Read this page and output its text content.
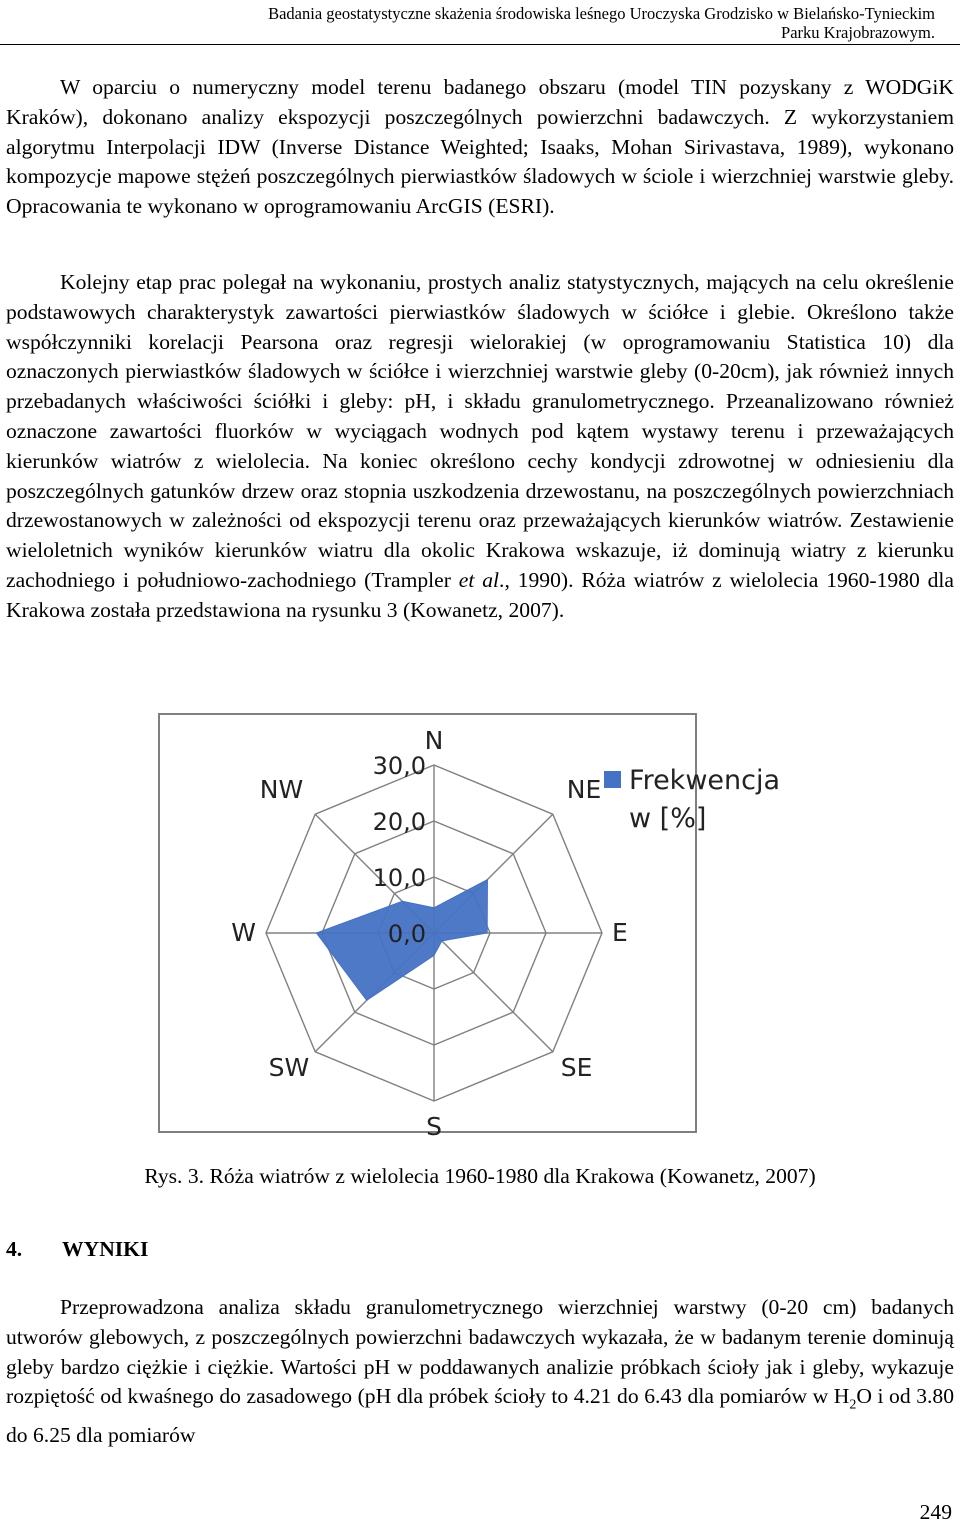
Badania geostatystyczne skażenia środowiska leśnego Uroczyska Grodzisko w Bielańsko-Tynieckim
Parku Krajobrazowym.

W oparciu o numeryczny model terenu badanego obszaru (model TIN pozyskany z WODGiK Kraków), dokonano analizy ekspozycji poszczególnych powierzchni badawczych. Z wykorzystaniem algorytmu Interpolacji IDW (Inverse Distance Weighted; Isaaks, Mohan Sirivastava, 1989), wykonano kompozycje mapowe stężeń poszczególnych pierwiastków śladowych w ściole i wierzchniej warstwie gleby. Opracowania te wykonano w oprogramowaniu ArcGIS (ESRI).

Kolejny etap prac polegał na wykonaniu, prostych analiz statystycznych, mających na celu określenie podstawowych charakterystyk zawartości pierwiastków śladowych w ściółce i glebie. Określono także współczynniki korelacji Pearsona oraz regresji wielorakiej (w oprogramowaniu Statistica 10) dla oznaczonych pierwiastków śladowych w ściółce i wierzchniej warstwie gleby (0-20cm), jak również innych przebadanych właściwości ściółki i gleby: pH, i składu granulometrycznego. Przeanalizowano również oznaczone zawartości fluorków w wyciągach wodnych pod kątem wystawy terenu i przeważających kierunków wiatrów z wielolecia. Na koniec określono cechy kondycji zdrowotnej w odniesieniu dla poszczególnych gatunków drzew oraz stopnia uszkodzenia drzewostanu, na poszczególnych powierzchniach drzewostanowych w zależności od ekspozycji terenu oraz przeważających kierunków wiatrów. Zestawienie wieloletnich wyników kierunków wiatru dla okolic Krakowa wskazuje, iż dominują wiatry z kierunku zachodniego i południowo-zachodniego (Trampler et al., 1990). Róża wiatrów z wielolecia 1960-1980 dla Krakowa została przedstawiona na rysunku 3 (Kowanetz, 2007).

0,0
10,0
20,0
30,0
N
NE
E
SE
S
SW
W
NW	Frekwencja
w [%]
Rys. 3. Róża wiatrów z wielolecia 1960-1980 dla Krakowa (Kowanetz, 2007)
4. WYNIKI

Przeprowadzona analiza składu granulometrycznego wierzchniej warstwy (0-20 cm) badanych utworów glebowych, z poszczególnych powierzchni badawczych wykazała, że w badanym terenie dominują gleby bardzo ciężkie i ciężkie. Wartości pH w poddawanych analizie próbkach ścioły jak i gleby, wykazuje rozpiętość od kwaśnego do zasadowego (pH dla próbek ścioły to 4.21 do 6.43 dla pomiarów w $H_2O$ i od 3.80 do 6.25 dla pomiarów

249
